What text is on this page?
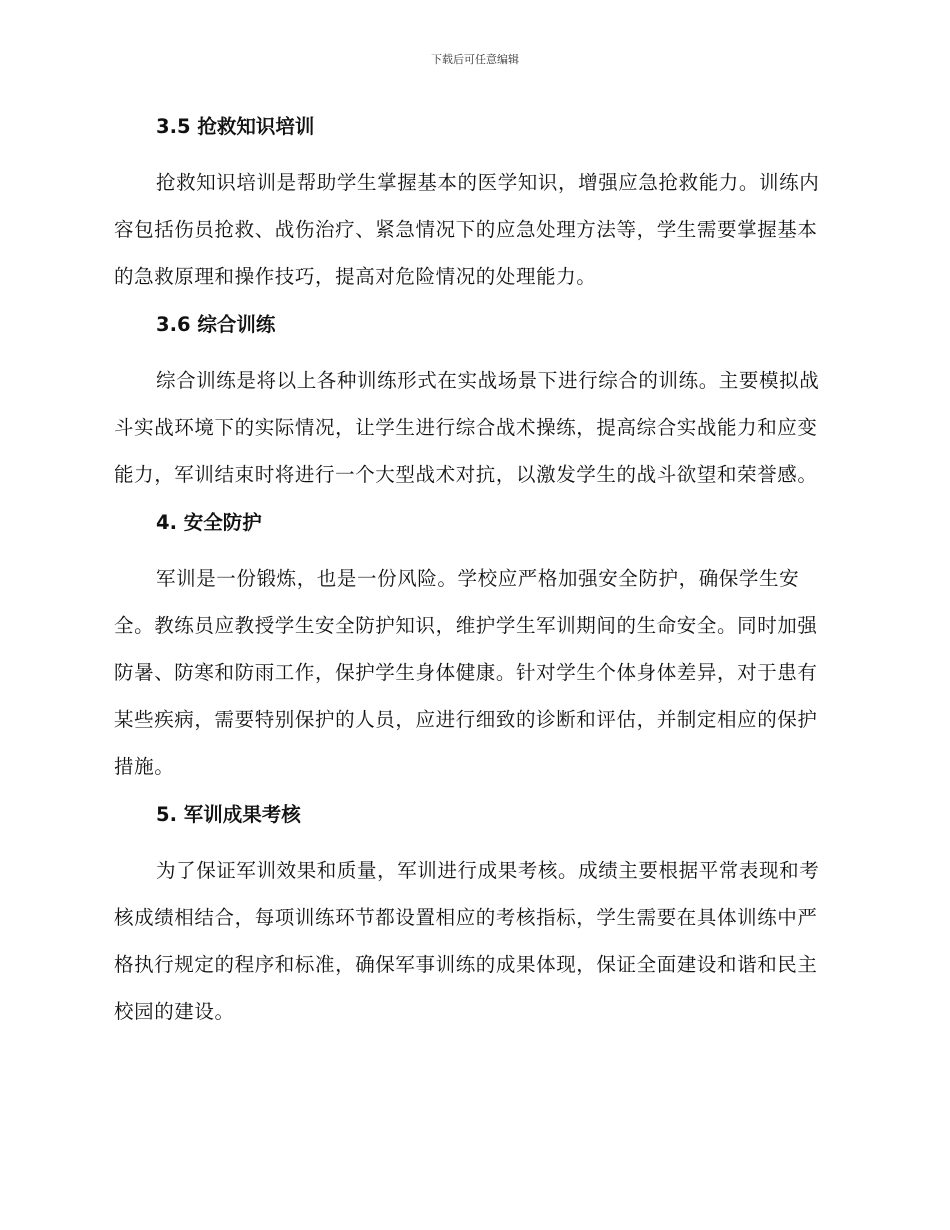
下载后可任意编辑
3.5 抢救知识培训

抢救知识培训是帮助学生掌握基本的医学知识，增强应急抢救能力。训练内容包括伤员抢救、战伤治疗、紧急情况下的应急处理方法等，学生需要掌握基本的急救原理和操作技巧，提高对危险情况的处理能力。

3.6 综合训练

综合训练是将以上各种训练形式在实战场景下进行综合的训练。主要模拟战斗实战环境下的实际情况，让学生进行综合战术操练，提高综合实战能力和应变能力，军训结束时将进行一个大型战术对抗，以激发学生的战斗欲望和荣誉感。

4. 安全防护

军训是一份锻炼，也是一份风险。学校应严格加强安全防护，确保学生安全。教练员应教授学生安全防护知识，维护学生军训期间的生命安全。同时加强防暑、防寒和防雨工作，保护学生身体健康。针对学生个体身体差异，对于患有某些疾病，需要特别保护的人员，应进行细致的诊断和评估，并制定相应的保护措施。

5. 军训成果考核

为了保证军训效果和质量，军训进行成果考核。成绩主要根据平常表现和考核成绩相结合，每项训练环节都设置相应的考核指标，学生需要在具体训练中严格执行规定的程序和标准，确保军事训练的成果体现，保证全面建设和谐和民主校园的建设。
